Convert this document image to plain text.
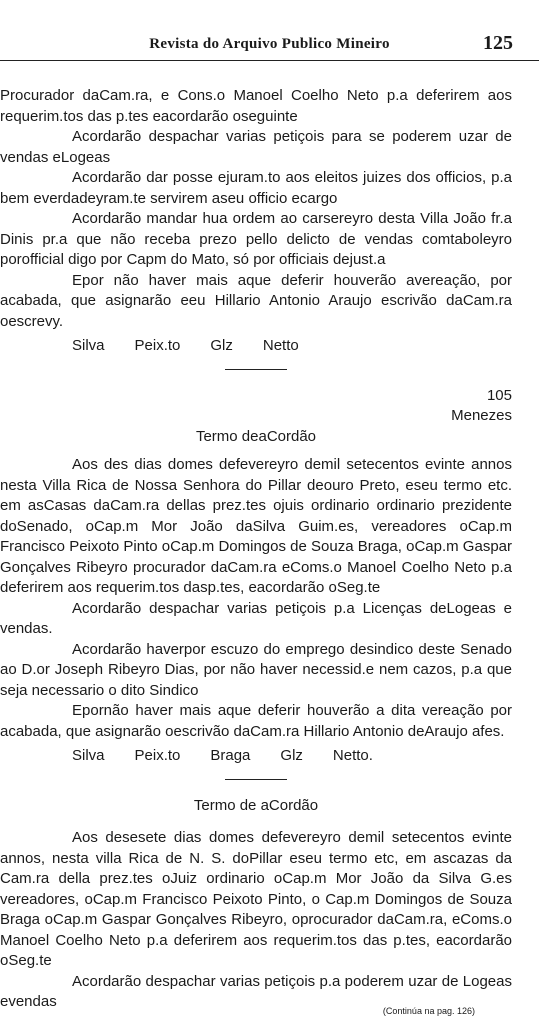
Revista do Arquivo Publico Mineiro	125

Procurador daCam.ra, e Cons.o Manoel Coelho Neto p.a deferirem aos requerim.tos das p.tes eacordarão oseguinte

Acordarão despachar varias petiçois para se poderem uzar de vendas eLogeas

Acordarão dar posse ejuram.to aos eleitos juizes dos officios, p.a bem everdadeyram.te servirem aseu officio ecargo

Acordarão mandar hua ordem ao carsereyro desta Villa João fr.a Dinis pr.a que não receba prezo pello delicto de vendas comtaboleyro porofficial digo por Capm do Mato, só por officiais dejust.a

Epor não haver mais aque deferir houverão avereação, por acabada, que asignarão eeu Hillario Antonio Araujo escrivão daCam.ra oescrevy.

Silva Peix.to Glz Netto

105

Menezes

Termo deaCordão

Aos des dias domes defevereyro demil setecentos evinte annos nesta Villa Rica de Nossa Senhora do Pillar deouro Preto, eseu termo etc. em asCasas daCam.ra dellas prez.tes ojuis ordinario ordinario prezidente doSenado, oCap.m Mor João daSilva Guim.es, vereadores oCap.m Francisco Peixoto Pinto oCap.m Domingos de Souza Braga, oCap.m Gaspar Gonçalves Ribeyro procurador daCam.ra eComs.o Manoel Coelho Neto p.a deferirem aos requerim.tos dasp.tes, eacordarão oSeg.te

Acordarão despachar varias petiçois p.a Licenças deLogeas e vendas.

Acordarão haverpor escuzo do emprego desindico deste Senado ao D.or Joseph Ribeyro Dias, por não haver necessid.e nem cazos, p.a que seja necessario o dito Sindico

Epornão haver mais aque deferir houverão a dita vereação por acabada, que asignarão oescrivão daCam.ra Hillario Antonio deAraujo afes.

Silva Peix.to Braga Glz Netto.

Termo de aCordão

Aos desesete dias domes defevereyro demil setecentos evinte annos, nesta villa Rica de N. S. doPillar eseu termo etc, em ascazas da Cam.ra della prez.tes oJuiz ordinario oCap.m Mor João da Silva G.es vereadores, oCap.m Francisco Peixoto Pinto, o Cap.m Domingos de Souza Braga oCap.m Gaspar Gonçalves Ribeyro, oprocurador daCam.ra, eComs.o Manoel Coelho Neto p.a deferirem aos requerim.tos das p.tes, eacordarão oSeg.te

Acordarão despachar varias petiçois p.a poderem uzar de Logeas evendas

(Continúa na pag. 126)
